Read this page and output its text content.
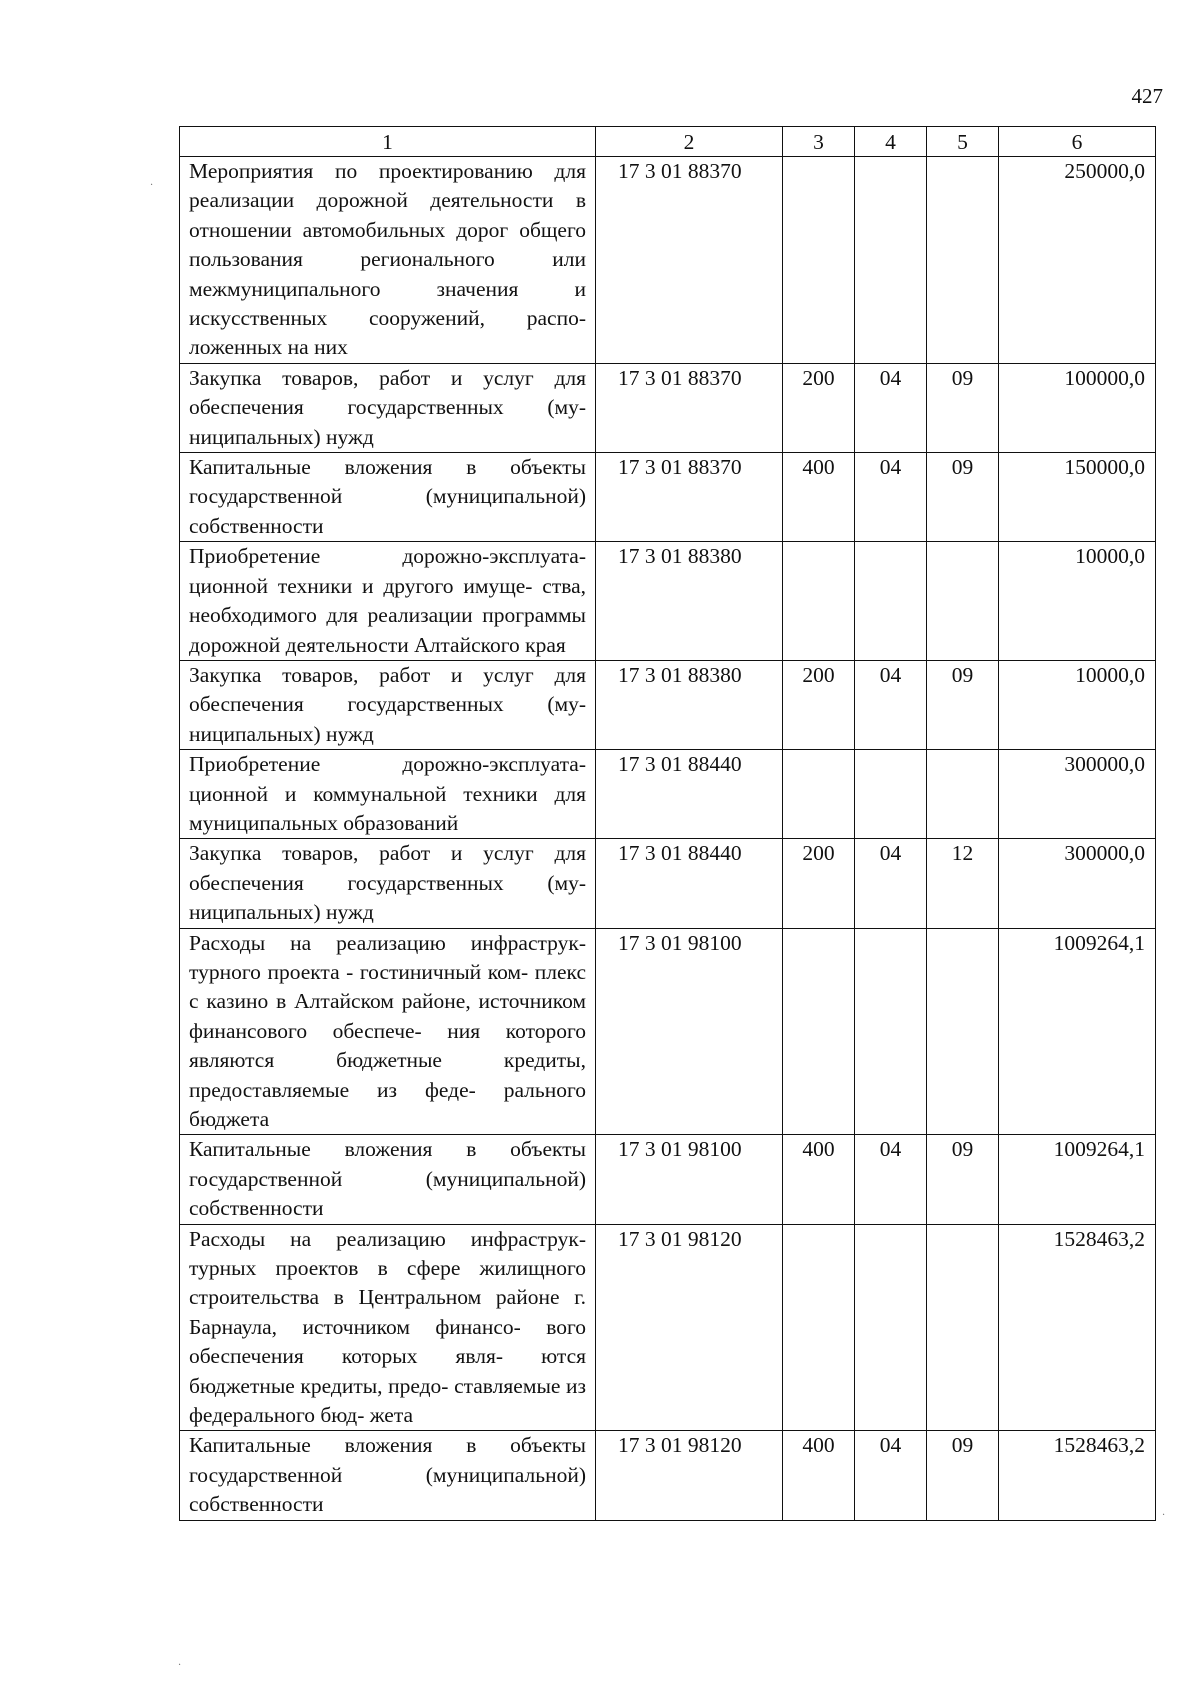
427
1	2	3	4	5	6
Мероприятия по проектированию для реализации дорожной деятельности в отношении автомобильных дорог общего пользования регионального или межмуниципального значения и искусственных сооружений, распо- ложенных на них	17 3 01 88370				250000,0
Закупка товаров, работ и услуг для обеспечения государственных (му- ниципальных) нужд	17 3 01 88370	200	04	09	100000,0
Капитальные вложения в объекты государственной (муниципальной) собственности	17 3 01 88370	400	04	09	150000,0
Приобретение дорожно-эксплуата- ционной техники и другого имуще- ства, необходимого для реализации программы дорожной деятельности Алтайского края	17 3 01 88380				10000,0
Закупка товаров, работ и услуг для обеспечения государственных (му- ниципальных) нужд	17 3 01 88380	200	04	09	10000,0
Приобретение дорожно-эксплуата- ционной и коммунальной техники для муниципальных образований	17 3 01 88440				300000,0
Закупка товаров, работ и услуг для обеспечения государственных (му- ниципальных) нужд	17 3 01 88440	200	04	12	300000,0
Расходы на реализацию инфраструк- турного проекта - гостиничный ком- плекс с казино в Алтайском районе, источником финансового обеспече- ния которого являются бюджетные кредиты, предоставляемые из феде- рального бюджета	17 3 01 98100				1009264,1
Капитальные вложения в объекты государственной (муниципальной) собственности	17 3 01 98100	400	04	09	1009264,1
Расходы на реализацию инфраструк- турных проектов в сфере жилищного строительства в Центральном районе г. Барнаула, источником финансо- вого обеспечения которых явля- ются бюджетные кредиты, предо- ставляемые из федерального бюд- жета	17 3 01 98120				1528463,2
Капитальные вложения в объекты государственной (муниципальной) собственности	17 3 01 98120	400	04	09	1528463,2
·
·
·
